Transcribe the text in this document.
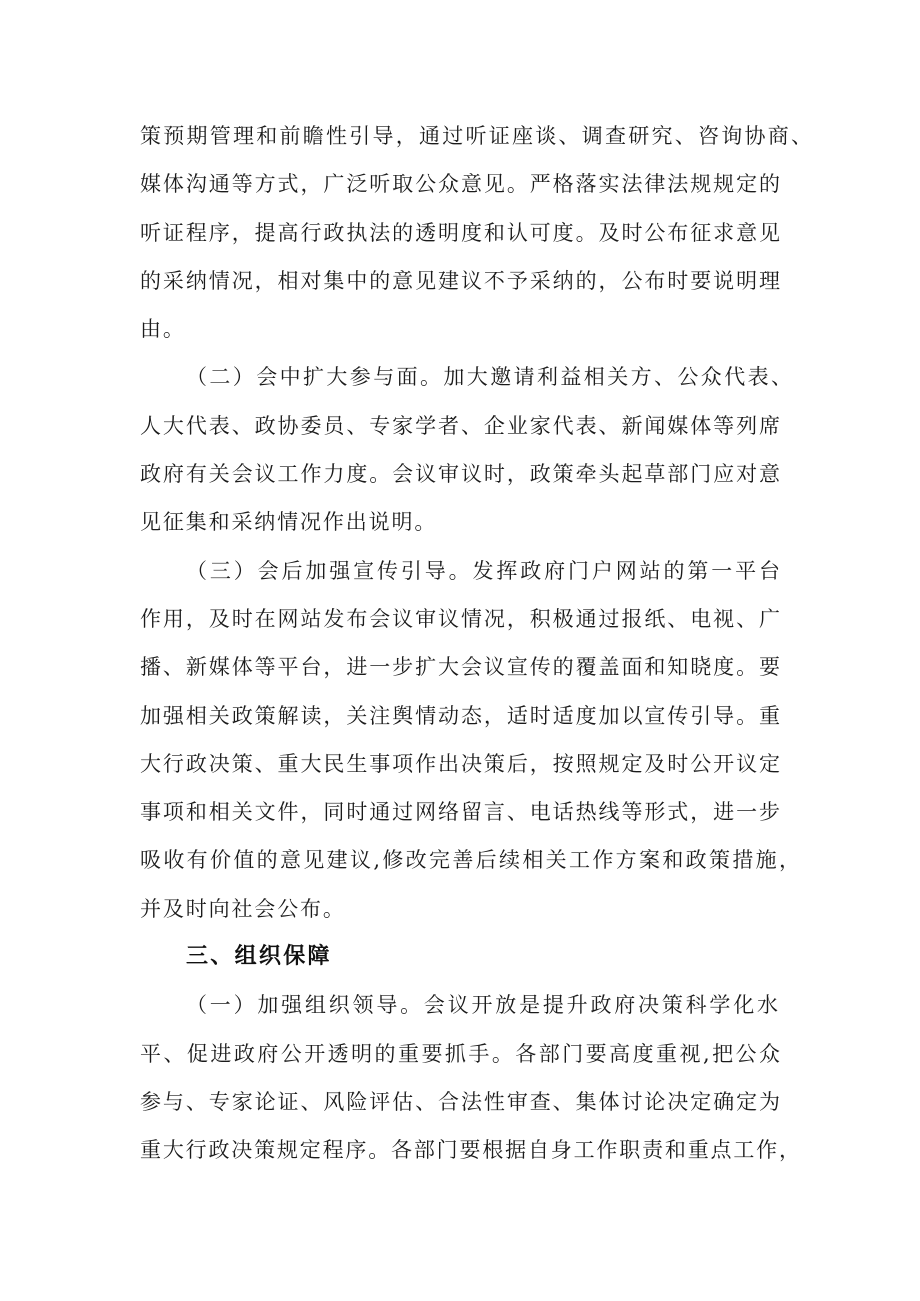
策预期管理和前瞻性引导，通过听证座谈、调查研究、咨询协商、
媒体沟通等方式，广泛听取公众意见。严格落实法律法规规定的
听证程序，提高行政执法的透明度和认可度。及时公布征求意见
的采纳情况，相对集中的意见建议不予采纳的，公布时要说明理
由。
（二）会中扩大参与面。加大邀请利益相关方、公众代表、
人大代表、政协委员、专家学者、企业家代表、新闻媒体等列席
政府有关会议工作力度。会议审议时，政策牵头起草部门应对意
见征集和采纳情况作出说明。
（三）会后加强宣传引导。发挥政府门户网站的第一平台
作用，及时在网站发布会议审议情况，积极通过报纸、电视、广
播、新媒体等平台，进一步扩大会议宣传的覆盖面和知晓度。要
加强相关政策解读，关注舆情动态，适时适度加以宣传引导。重
大行政决策、重大民生事项作出决策后，按照规定及时公开议定
事项和相关文件，同时通过网络留言、电话热线等形式，进一步
吸收有价值的意见建议,修改完善后续相关工作方案和政策措施，
并及时向社会公布。
三、组织保障
（一）加强组织领导。会议开放是提升政府决策科学化水
平、促进政府公开透明的重要抓手。各部门要高度重视,把公众
参与、专家论证、风险评估、合法性审查、集体讨论决定确定为
重大行政决策规定程序。各部门要根据自身工作职责和重点工作，
